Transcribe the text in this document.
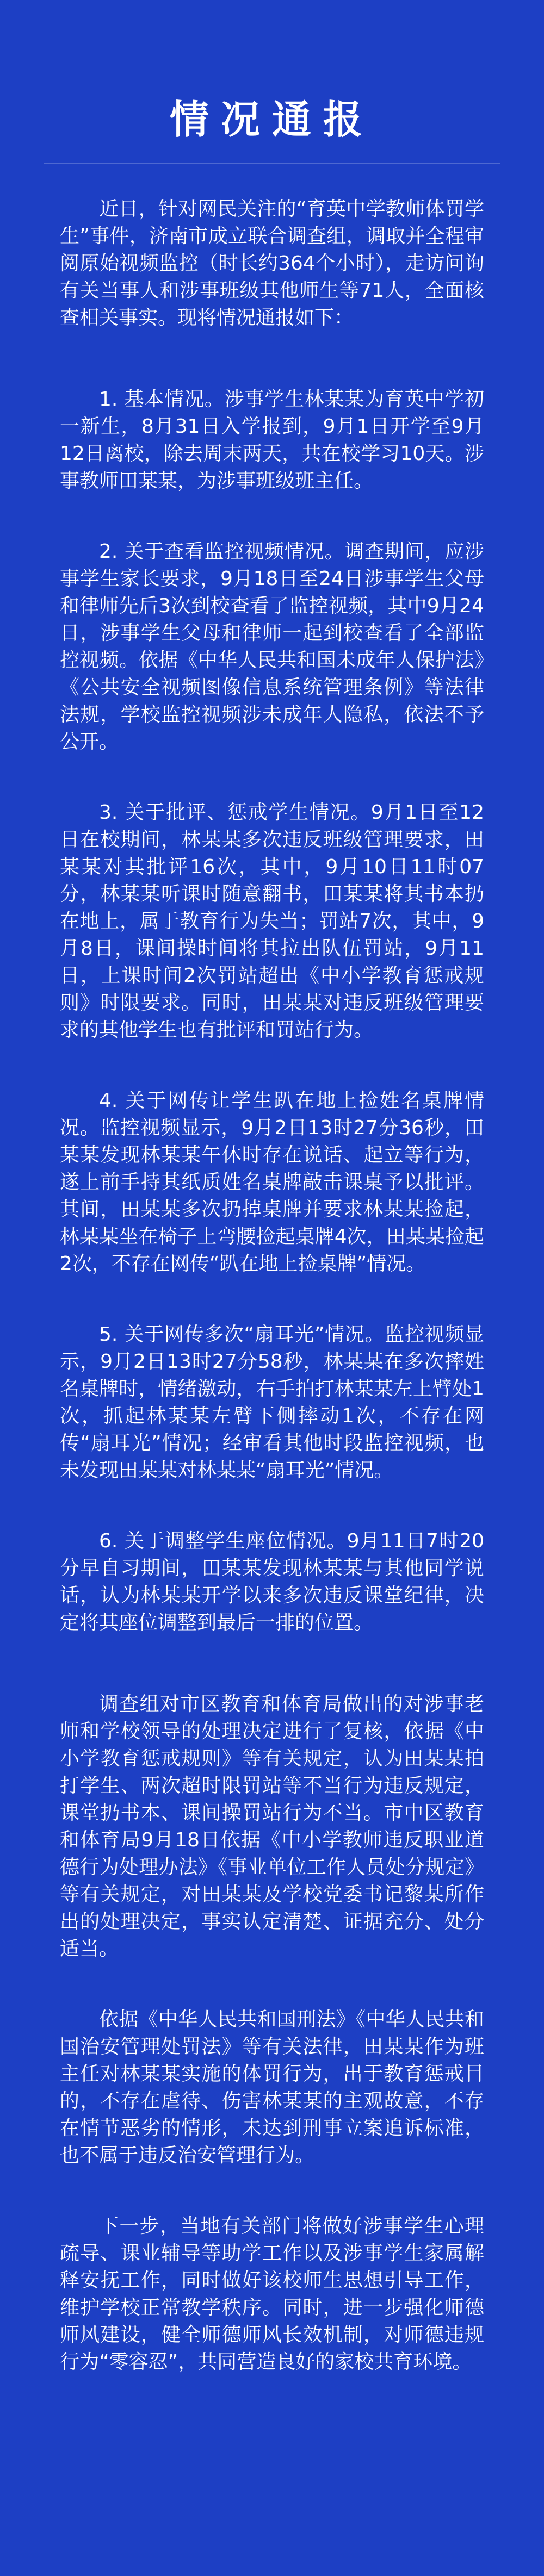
情况通报

近日，针对网民关注的“育英中学教师体罚学生”事件，济南市成立联合调查组，调取并全程审阅原始视频监控（时长约364个小时），走访问询有关当事人和涉事班级其他师生等71人，全面核查相关事实。现将情况通报如下：

1. 基本情况。涉事学生林某某为育英中学初一新生，8月31日入学报到，9月1日开学至9月12日离校，除去周末两天，共在校学习10天。涉事教师田某某，为涉事班级班主任。

2. 关于查看监控视频情况。调查期间，应涉事学生家长要求，9月18日至24日涉事学生父母和律师先后3次到校查看了监控视频，其中9月24日，涉事学生父母和律师一起到校查看了全部监控视频。依据《中华人民共和国未成年人保护法》《公共安全视频图像信息系统管理条例》等法律法规，学校监控视频涉未成年人隐私，依法不予公开。

3. 关于批评、惩戒学生情况。9月1日至12日在校期间，林某某多次违反班级管理要求，田某某对其批评16次，其中，9月10日11时07分，林某某听课时随意翻书，田某某将其书本扔在地上，属于教育行为失当；罚站7次，其中，9月8日，课间操时间将其拉出队伍罚站，9月11日，上课时间2次罚站超出《中小学教育惩戒规则》时限要求。同时，田某某对违反班级管理要求的其他学生也有批评和罚站行为。

4. 关于网传让学生趴在地上捡姓名桌牌情况。监控视频显示，9月2日13时27分36秒，田某某发现林某某午休时存在说话、起立等行为，遂上前手持其纸质姓名桌牌敲击课桌予以批评。其间，田某某多次扔掉桌牌并要求林某某捡起，林某某坐在椅子上弯腰捡起桌牌4次，田某某捡起2次，不存在网传“趴在地上捡桌牌”情况。

5. 关于网传多次“扇耳光”情况。监控视频显示，9月2日13时27分58秒，林某某在多次摔姓名桌牌时，情绪激动，右手拍打林某某左上臂处1次，抓起林某某左臂下侧摔动1次，不存在网传“扇耳光”情况；经审看其他时段监控视频，也未发现田某某对林某某“扇耳光”情况。

6. 关于调整学生座位情况。9月11日7时20分早自习期间，田某某发现林某某与其他同学说话，认为林某某开学以来多次违反课堂纪律，决定将其座位调整到最后一排的位置。

调查组对市区教育和体育局做出的对涉事老师和学校领导的处理决定进行了复核，依据《中小学教育惩戒规则》等有关规定，认为田某某拍打学生、两次超时限罚站等不当行为违反规定，课堂扔书本、课间操罚站行为不当。市中区教育和体育局9月18日依据《中小学教师违反职业道德行为处理办法》《事业单位工作人员处分规定》等有关规定，对田某某及学校党委书记黎某所作出的处理决定，事实认定清楚、证据充分、处分适当。

依据《中华人民共和国刑法》《中华人民共和国治安管理处罚法》等有关法律，田某某作为班主任对林某某实施的体罚行为，出于教育惩戒目的，不存在虐待、伤害林某某的主观故意，不存在情节恶劣的情形，未达到刑事立案追诉标准，也不属于违反治安管理行为。

下一步，当地有关部门将做好涉事学生心理疏导、课业辅导等助学工作以及涉事学生家属解释安抚工作，同时做好该校师生思想引导工作，维护学校正常教学秩序。同时，进一步强化师德师风建设，健全师德师风长效机制，对师德违规行为“零容忍”，共同营造良好的家校共育环境。
